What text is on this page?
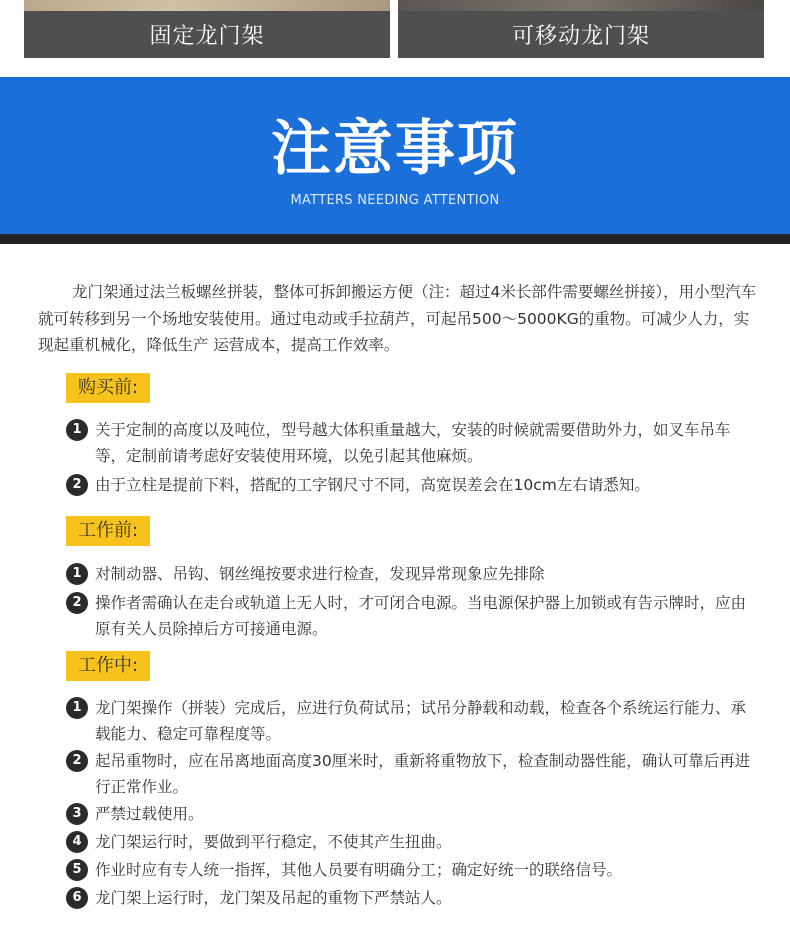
固定龙门架	可移动龙门架
注意事项
MATTERS NEEDING ATTENTION

龙门架通过法兰板螺丝拼装，整体可拆卸搬运方便（注：超过4米长部件需要螺丝拼接），用小型汽车就可转移到另一个场地安装使用。通过电动或手拉葫芦，可起吊500～5000KG的重物。可减少人力，实现起重机械化，降低生产 运营成本，提高工作效率。

购买前:
1 关于定制的高度以及吨位，型号越大体积重量越大，安装的时候就需要借助外力，如叉车吊车等，定制前请考虑好安装使用环境，以免引起其他麻烦。
2 由于立柱是提前下料，搭配的工字钢尺寸不同，高宽误差会在10cm左右请悉知。
工作前:
1 对制动器、吊钩、钢丝绳按要求进行检查，发现异常现象应先排除
2 操作者需确认在走台或轨道上无人时，才可闭合电源。当电源保护器上加锁或有告示牌时，应由原有关人员除掉后方可接通电源。
工作中:
1 龙门架操作（拼装）完成后，应进行负荷试吊；试吊分静载和动载，检查各个系统运行能力、承载能力、稳定可靠程度等。
2 起吊重物时，应在吊离地面高度30厘米时，重新将重物放下，检查制动器性能，确认可靠后再进行正常作业。
3 严禁过载使用。
4 龙门架运行时，要做到平行稳定，不使其产生扭曲。
5 作业时应有专人统一指挥，其他人员要有明确分工；确定好统一的联络信号。
6 龙门架上运行时，龙门架及吊起的重物下严禁站人。
